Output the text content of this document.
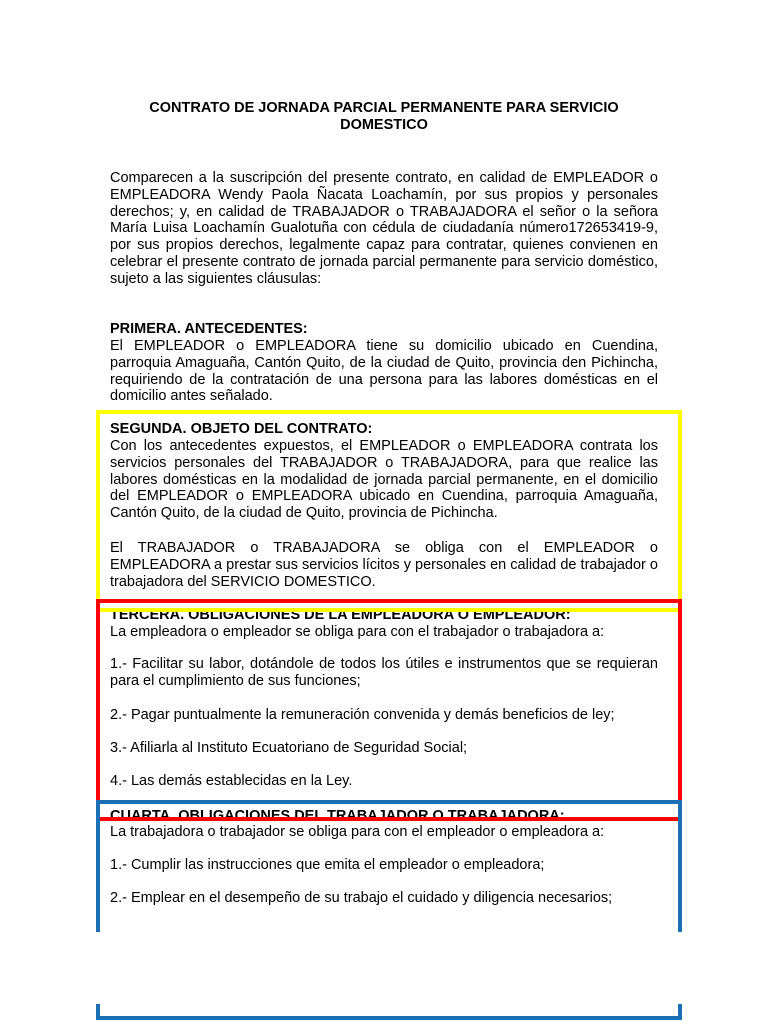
CONTRATO DE JORNADA PARCIAL PERMANENTE PARA SERVICIO DOMESTICO
Comparecen a la suscripción del presente contrato, en calidad de EMPLEADOR o EMPLEADORA Wendy Paola Ñacata Loachamín, por sus propios y personales derechos; y, en calidad de TRABAJADOR o TRABAJADORA el señor o la señora María Luisa Loachamín Gualotuña con cédula de ciudadanía número172653419-9, por sus propios derechos, legalmente capaz para contratar, quienes convienen en celebrar el presente contrato de jornada parcial permanente para servicio doméstico, sujeto a las siguientes cláusulas:
PRIMERA. ANTECEDENTES:
El EMPLEADOR o EMPLEADORA tiene su domicilio ubicado en Cuendina, parroquia Amaguaña, Cantón Quito, de la ciudad de Quito, provincia den Pichincha, requiriendo de la contratación de una persona para las labores domésticas en el domicilio antes señalado.
SEGUNDA. OBJETO DEL CONTRATO:
Con los antecedentes expuestos, el EMPLEADOR o EMPLEADORA contrata los servicios personales del TRABAJADOR o TRABAJADORA, para que realice las labores domésticas en la modalidad de jornada parcial permanente, en el domicilio del EMPLEADOR o EMPLEADORA ubicado en Cuendina, parroquia Amaguaña, Cantón Quito, de la ciudad de Quito, provincia de Pichincha.
El TRABAJADOR o TRABAJADORA se obliga con el EMPLEADOR o EMPLEADORA a prestar sus servicios lícitos y personales en calidad de trabajador o trabajadora del SERVICIO DOMESTICO.
TERCERA. OBLIGACIONES DE LA EMPLEADORA O EMPLEADOR:
La empleadora o empleador se obliga para con el trabajador o trabajadora a:
1.- Facilitar su labor, dotándole de todos los útiles e instrumentos que se requieran para el cumplimiento de sus funciones;
2.- Pagar puntualmente la remuneración convenida y demás beneficios de ley;
3.- Afiliarla al Instituto Ecuatoriano de Seguridad Social;
4.- Las demás establecidas en la Ley.
CUARTA. OBLIGACIONES DEL TRABAJADOR O TRABAJADORA:
La trabajadora o trabajador se obliga para con el empleador o empleadora a:
1.- Cumplir las instrucciones que emita el empleador o empleadora;
2.- Emplear en el desempeño de su trabajo el cuidado y diligencia necesarios;
